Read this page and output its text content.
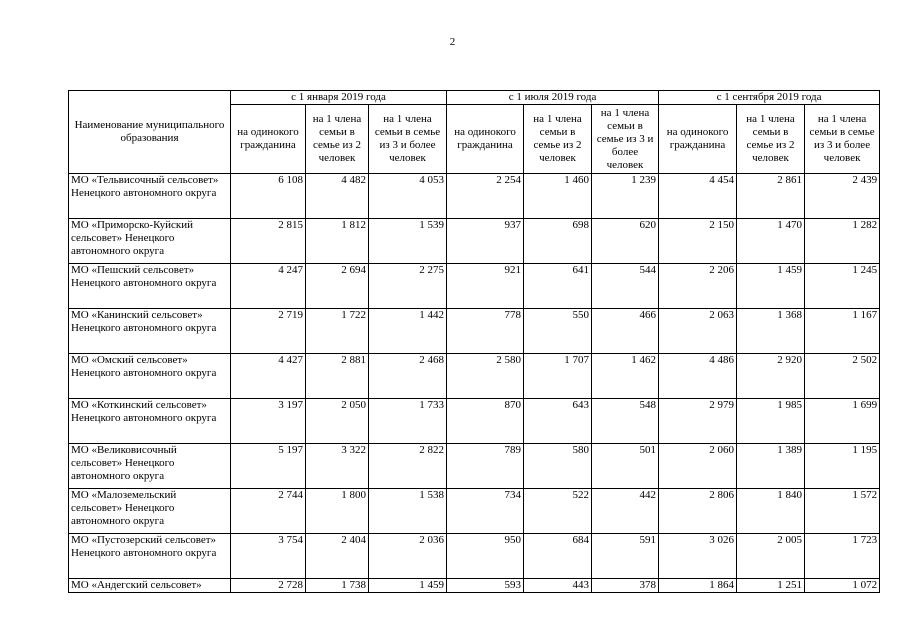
2
Наименование муниципального образования	с 1 января 2019 года			с 1 июля 2019 года			с 1 сентября 2019 года		
	на одинокого гражданина	на 1 члена семьи в семье из 2 человек	на 1 члена семьи в семье из 3 и более человек	на одинокого гражданина	на 1 члена семьи в семье из 2 человек	на 1 члена семьи в семье из 3 и более человек	на одинокого гражданина	на 1 члена семьи в семье из 2 человек	на 1 члена семьи в семье из 3 и более человек
МО «Тельвисочный сельсовет» Ненецкого автономного округа	6 108	4 482	4 053	2 254	1 460	1 239	4 454	2 861	2 439
МО «Приморско-Куйский сельсовет» Ненецкого автономного округа	2 815	1 812	1 539	937	698	620	2 150	1 470	1 282
МО «Пешский сельсовет» Ненецкого автономного округа	4 247	2 694	2 275	921	641	544	2 206	1 459	1 245
МО «Канинский сельсовет» Ненецкого автономного округа	2 719	1 722	1 442	778	550	466	2 063	1 368	1 167
МО «Омский сельсовет» Ненецкого автономного округа	4 427	2 881	2 468	2 580	1 707	1 462	4 486	2 920	2 502
МО «Коткинский сельсовет» Ненецкого автономного округа	3 197	2 050	1 733	870	643	548	2 979	1 985	1 699
МО «Великовисочный сельсовет» Ненецкого автономного округа	5 197	3 322	2 822	789	580	501	2 060	1 389	1 195
МО «Малоземельский сельсовет» Ненецкого автономного округа	2 744	1 800	1 538	734	522	442	2 806	1 840	1 572
МО «Пустозерский сельсовет» Ненецкого автономного округа	3 754	2 404	2 036	950	684	591	3 026	2 005	1 723
МО «Андегский сельсовет»	2 728	1 738	1 459	593	443	378	1 864	1 251	1 072
